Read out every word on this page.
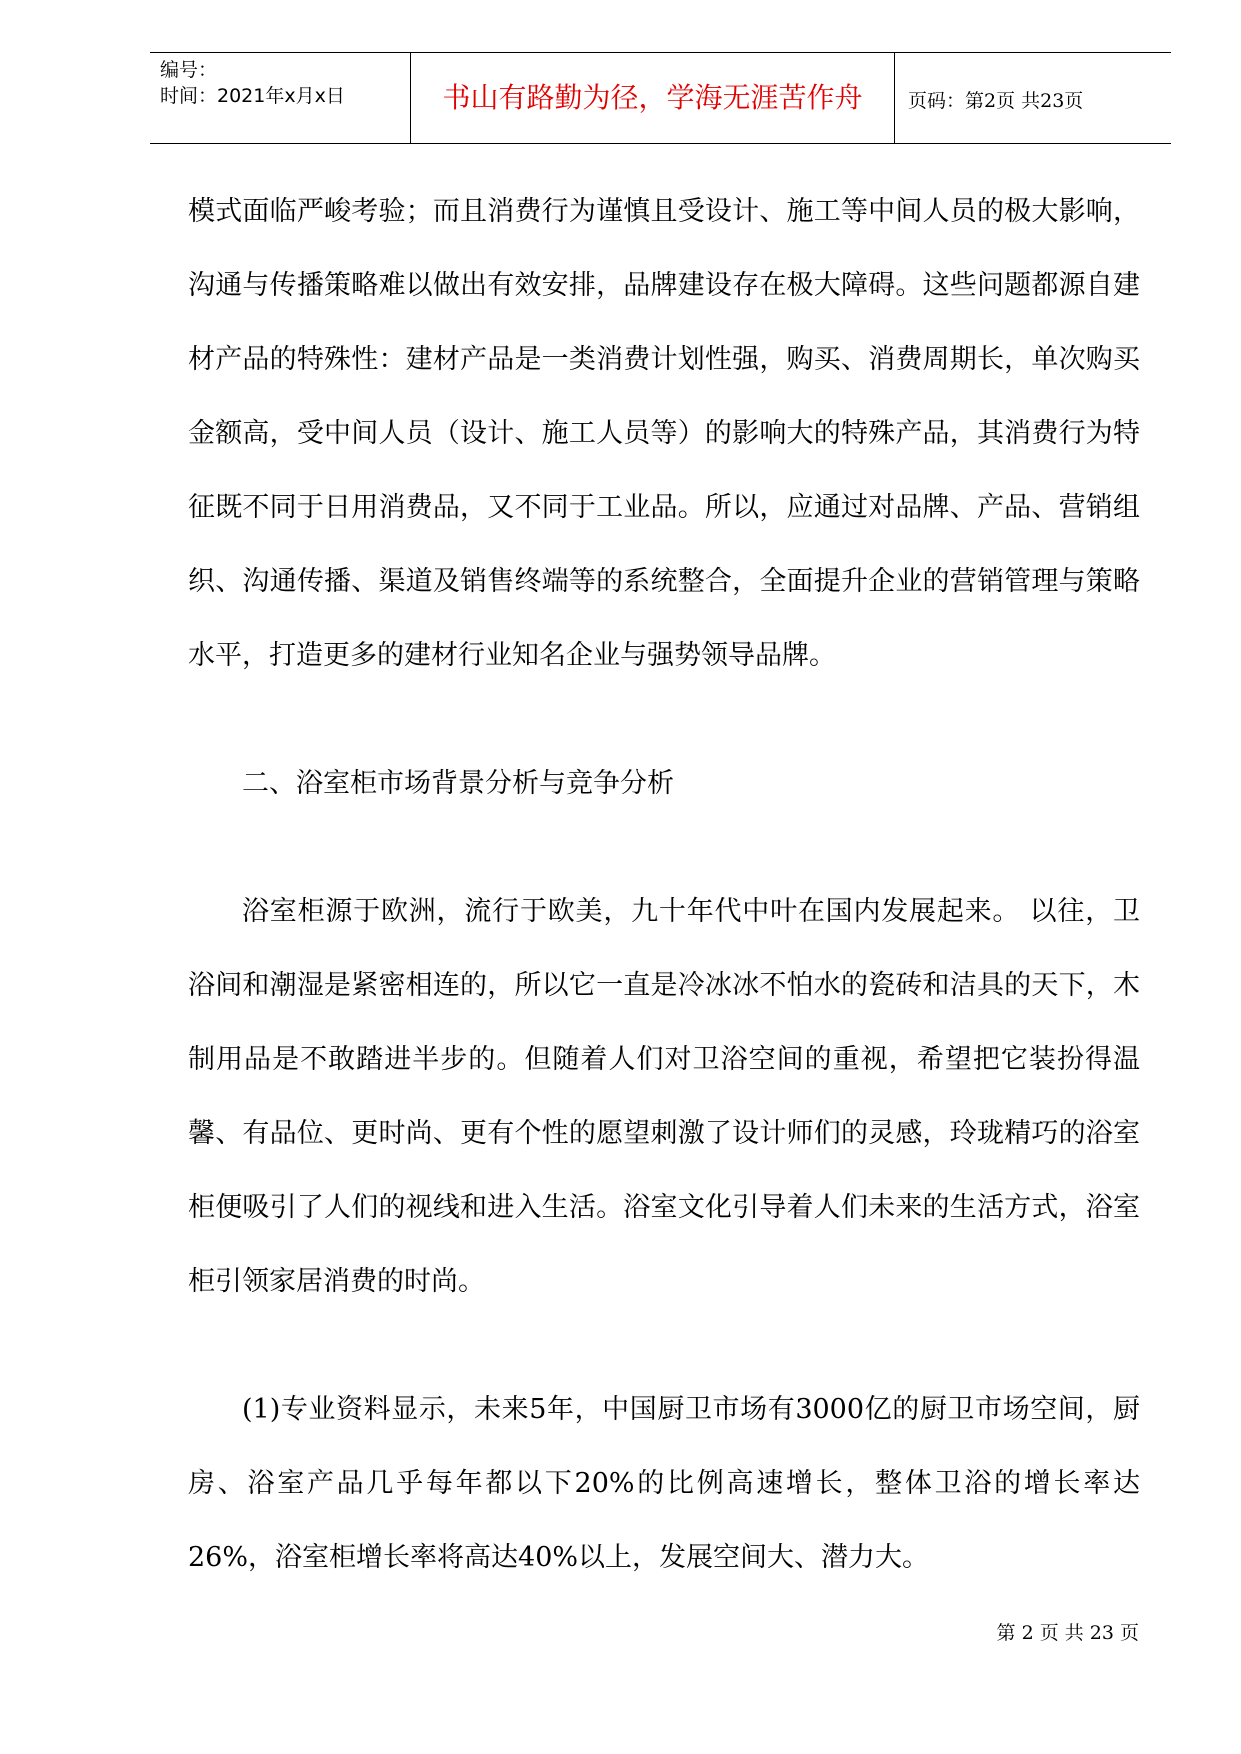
编号：
时间：2021年x月x日	书山有路勤为径，学海无涯苦作舟	页码：第2页 共23页

模式面临严峻考验；而且消费行为谨慎且受设计、施工等中间人员的极大影响，沟通与传播策略难以做出有效安排，品牌建设存在极大障碍。这些问题都源自建材产品的特殊性：建材产品是一类消费计划性强，购买、消费周期长，单次购买金额高，受中间人员（设计、施工人员等）的影响大的特殊产品，其消费行为特征既不同于日用消费品，又不同于工业品。所以，应通过对品牌、产品、营销组织、沟通传播、渠道及销售终端等的系统整合，全面提升企业的营销管理与策略水平，打造更多的建材行业知名企业与强势领导品牌。

二、浴室柜市场背景分析与竞争分析

浴室柜源于欧洲，流行于欧美，九十年代中叶在国内发展起来。 以往，卫浴间和潮湿是紧密相连的，所以它一直是冷冰冰不怕水的瓷砖和洁具的天下，木制用品是不敢踏进半步的。但随着人们对卫浴空间的重视，希望把它装扮得温馨、有品位、更时尚、更有个性的愿望刺激了设计师们的灵感，玲珑精巧的浴室柜便吸引了人们的视线和进入生活。浴室文化引导着人们未来的生活方式，浴室柜引领家居消费的时尚。

(1)专业资料显示，未来5年，中国厨卫市场有3000亿的厨卫市场空间，厨房、浴室产品几乎每年都以下20%的比例高速增长，整体卫浴的增长率达26%，浴室柜增长率将高达40%以上，发展空间大、潜力大。

第 2 页 共 23 页
